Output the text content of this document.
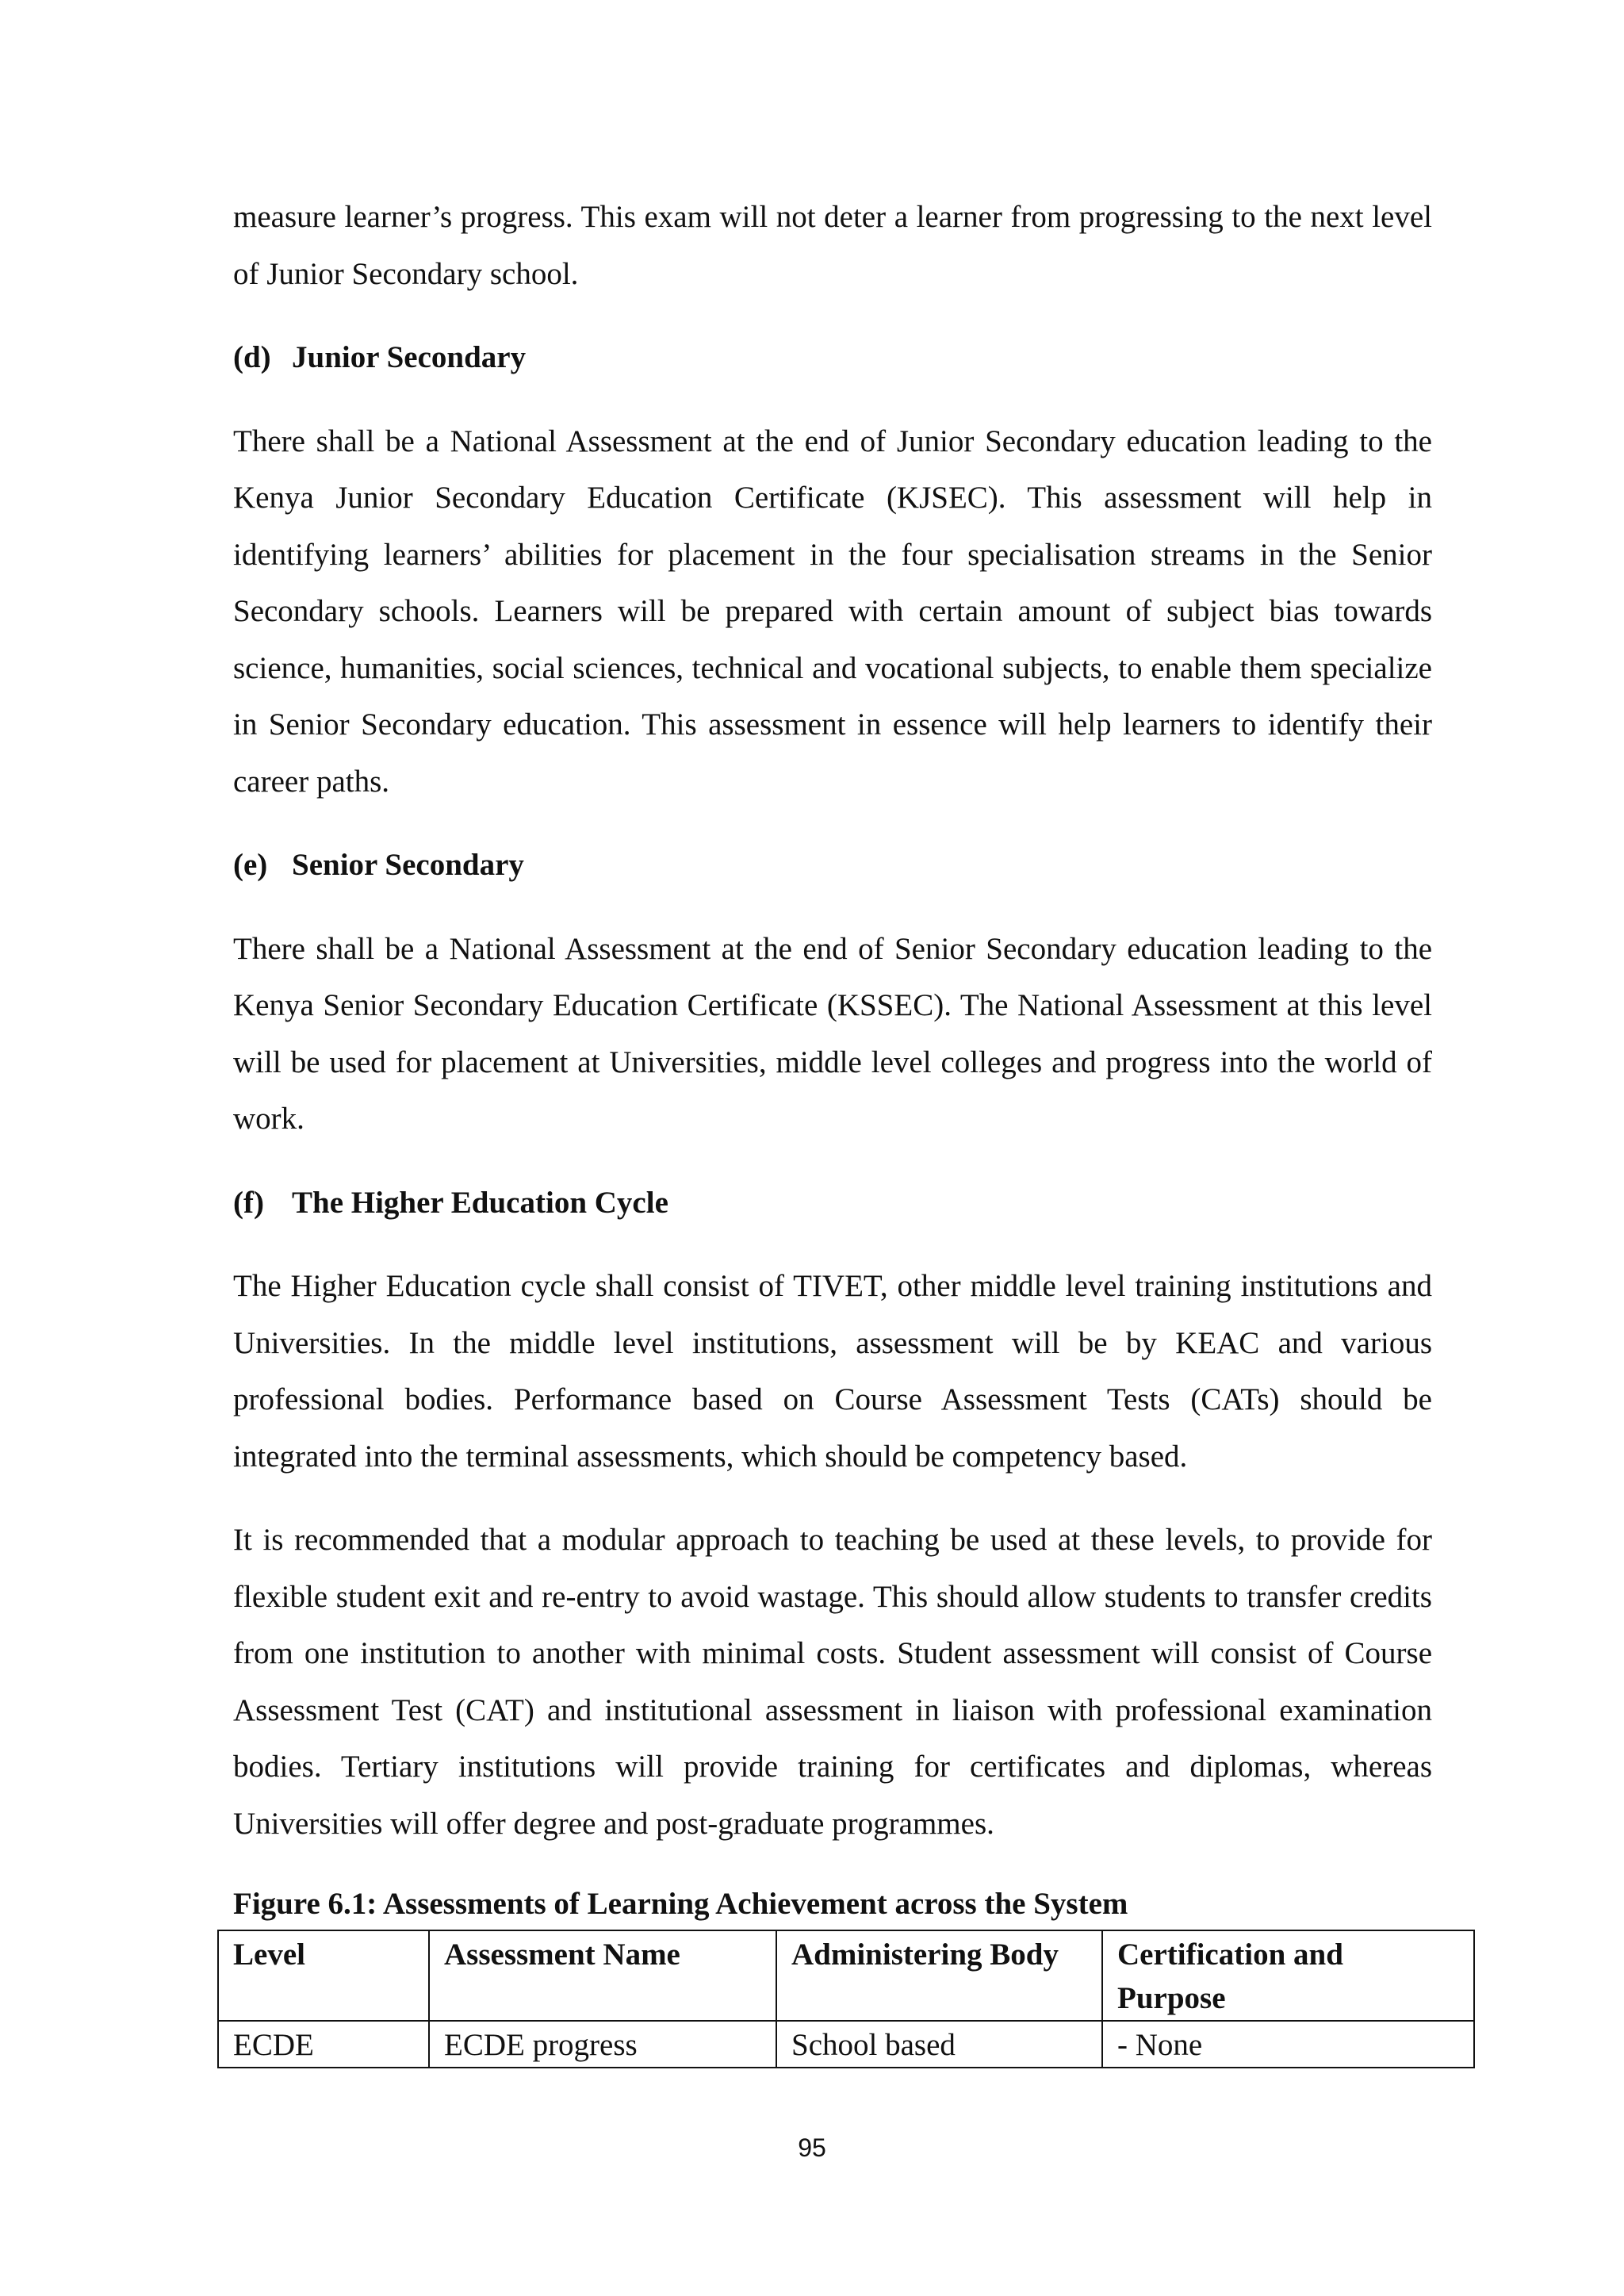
measure learner’s progress. This exam will not deter a learner from progressing to the next level of Junior Secondary school.

(d) Junior Secondary

There shall be a National Assessment at the end of Junior Secondary education leading to the Kenya Junior Secondary Education Certificate (KJSEC). This assessment will help in identifying learners’ abilities for placement in the four specialisation streams in the Senior Secondary schools. Learners will be prepared with certain amount of subject bias towards science, humanities, social sciences, technical and vocational subjects, to enable them specialize in Senior Secondary education. This assessment in essence will help learners to identify their career paths.

(e) Senior Secondary

There shall be a National Assessment at the end of Senior Secondary education leading to the Kenya Senior Secondary Education Certificate (KSSEC). The National Assessment at this level will be used for placement at Universities, middle level colleges and progress into the world of work.

(f) The Higher Education Cycle

The Higher Education cycle shall consist of TIVET, other middle level training institutions and Universities. In the middle level institutions, assessment will be by KEAC and various professional bodies. Performance based on Course Assessment Tests (CATs) should be integrated into the terminal assessments, which should be competency based.

It is recommended that a modular approach to teaching be used at these levels, to provide for flexible student exit and re-entry to avoid wastage. This should allow students to transfer credits from one institution to another with minimal costs. Student assessment will consist of Course Assessment Test (CAT) and institutional assessment in liaison with professional examination bodies. Tertiary institutions will provide training for certificates and diplomas, whereas Universities will offer degree and post-graduate programmes.

Figure 6.1: Assessments of Learning Achievement across the System
Level	Assessment Name	Administering Body	Certification and Purpose
ECDE	ECDE progress	School based	- None
95
